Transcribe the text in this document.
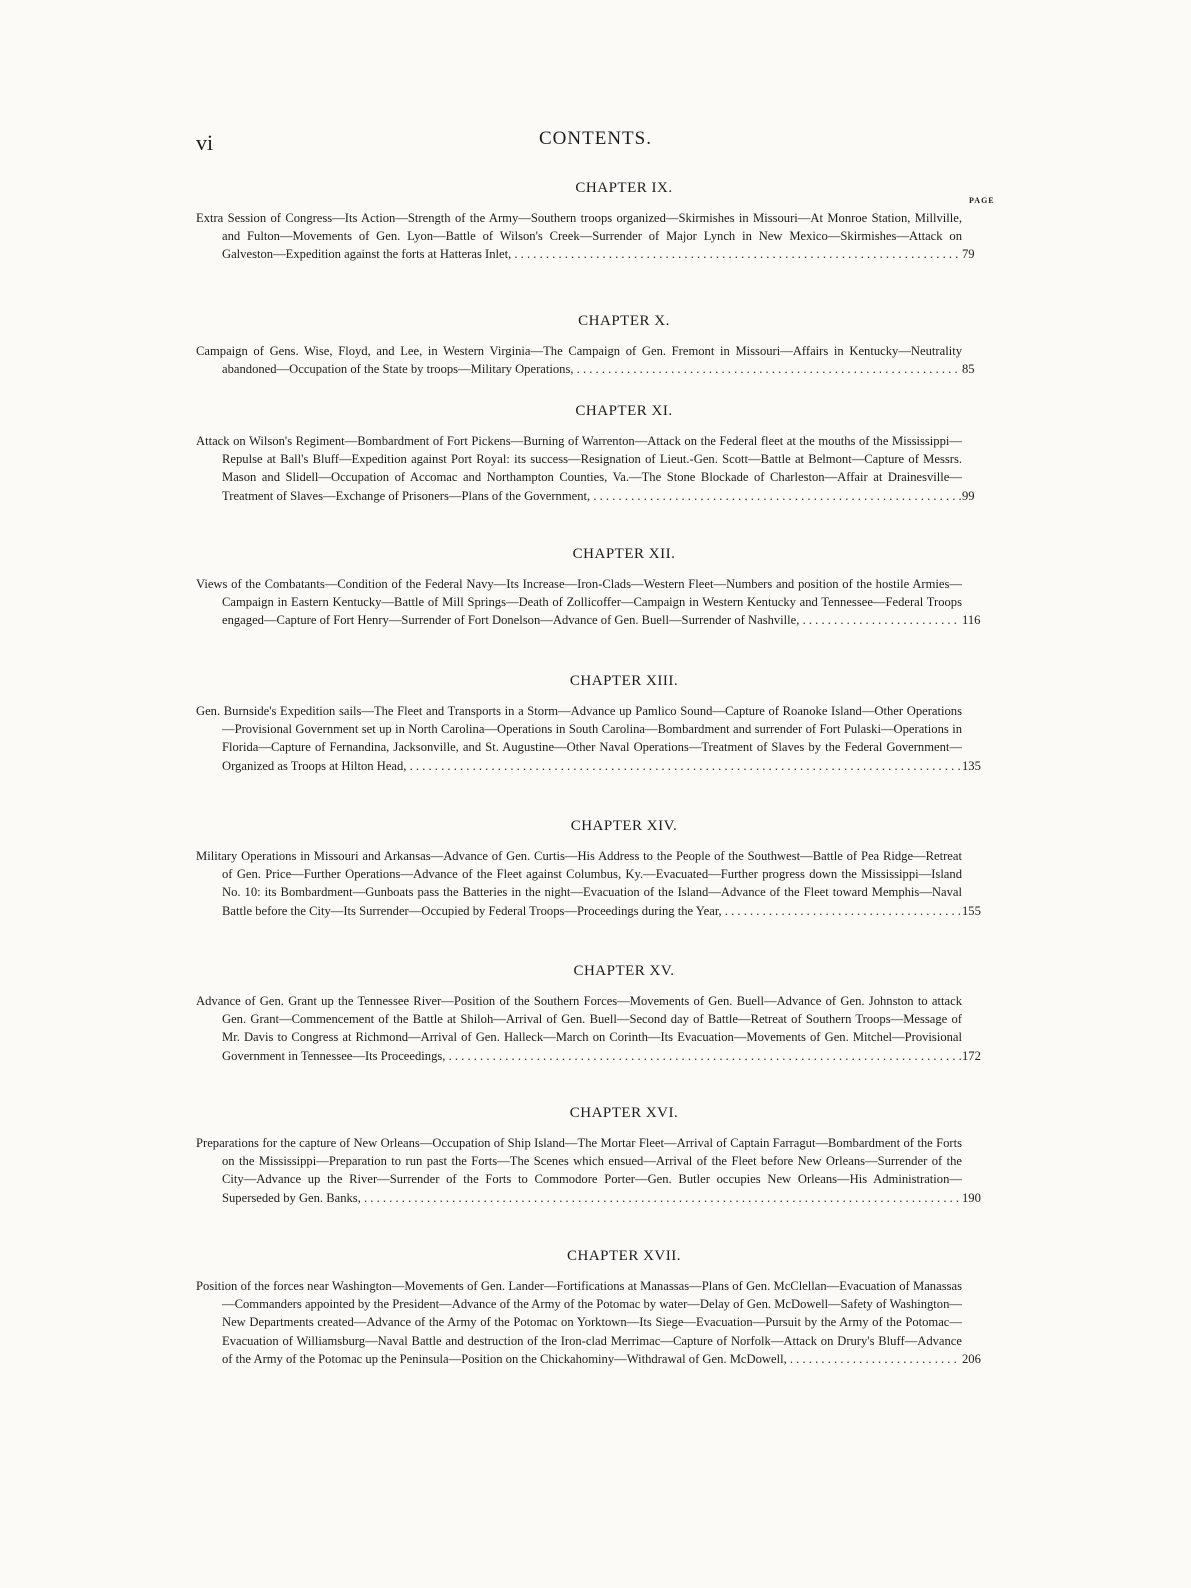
vi	CONTENTS.
PAGE
CHAPTER IX.

Extra Session of Congress—Its Action—Strength of the Army—Southern troops organized—Skirmishes in Missouri—At Monroe Station, Millville, and Fulton—Movements of Gen. Lyon—Battle of Wilson's Creek—Surrender of Major Lynch in New Mexico—Skirmishes—Attack on Galveston—Expedition against the forts at Hatteras Inlet, . . . . . . . . . . . . . . . . . . . . . . . . . . . . . . . . . . . . . . . . . . . . . . . . . . . . . . . . . . . . . . . . . . . . . . . 79

CHAPTER X.

Campaign of Gens. Wise, Floyd, and Lee, in Western Virginia—The Campaign of Gen. Fremont in Missouri—Affairs in Kentucky—Neutrality abandoned—Occupation of the State by troops—Military Operations, . . . . . . . . . . . . . . . . . . . . . . . . . . . . . . . . . . . . . . . . . . . . . . . . . . . . . . . . . . . . . 85

CHAPTER XI.

Attack on Wilson's Regiment—Bombardment of Fort Pickens—Burning of Warrenton—Attack on the Federal fleet at the mouths of the Mississippi—Repulse at Ball's Bluff—Expedition against Port Royal: its success—Resignation of Lieut.-Gen. Scott—Battle at Belmont—Capture of Messrs. Mason and Slidell—Occupation of Accomac and Northampton Counties, Va.—The Stone Blockade of Charleston—Affair at Drainesville—Treatment of Slaves—Exchange of Prisoners—Plans of the Government, . . . . . . . . . . . . . . . . . . . . . . . . . . . . . . . . . . . . . . . . . . . . . . . . . . . . . . . . . . . 99

CHAPTER XII.

Views of the Combatants—Condition of the Federal Navy—Its Increase—Iron-Clads—Western Fleet—Numbers and position of the hostile Armies—Campaign in Eastern Kentucky—Battle of Mill Springs—Death of Zollicoffer—Campaign in Western Kentucky and Tennessee—Federal Troops engaged—Capture of Fort Henry—Surrender of Fort Donelson—Advance of Gen. Buell—Surrender of Nashville, . . . . . . . . . . . . . . . . . . . . . . . . . 116

CHAPTER XIII.

Gen. Burnside's Expedition sails—The Fleet and Transports in a Storm—Advance up Pamlico Sound—Capture of Roanoke Island—Other Operations—Provisional Government set up in North Carolina—Operations in South Carolina—Bombardment and surrender of Fort Pulaski—Operations in Florida—Capture of Fernandina, Jacksonville, and St. Augustine—Other Naval Operations—Treatment of Slaves by the Federal Government—Organized as Troops at Hilton Head, . . . . . . . . . . . . . . . . . . . . . . . . . . . . . . . . . . . . . . . . . . . . . . . . . . . . . . . . . . . . . . . . . . . . . . . . . . . . . . . . . . . . . . . . 135

CHAPTER XIV.

Military Operations in Missouri and Arkansas—Advance of Gen. Curtis—His Address to the People of the Southwest—Battle of Pea Ridge—Retreat of Gen. Price—Further Operations—Advance of the Fleet against Columbus, Ky.—Evacuated—Further progress down the Mississippi—Island No. 10: its Bombardment—Gunboats pass the Batteries in the night—Evacuation of the Island—Advance of the Fleet toward Memphis—Naval Battle before the City—Its Surrender—Occupied by Federal Troops—Proceedings during the Year, . . . . . . . . . . . . . . . . . . . . . . . . . . . . . . . . . . . . . . 155

CHAPTER XV.

Advance of Gen. Grant up the Tennessee River—Position of the Southern Forces—Movements of Gen. Buell—Advance of Gen. Johnston to attack Gen. Grant—Commencement of the Battle at Shiloh—Arrival of Gen. Buell—Second day of Battle—Retreat of Southern Troops—Message of Mr. Davis to Congress at Richmond—Arrival of Gen. Halleck—March on Corinth—Its Evacuation—Movements of Gen. Mitchel—Provisional Government in Tennessee—Its Proceedings, . . . . . . . . . . . . . . . . . . . . . . . . . . . . . . . . . . . . . . . . . . . . . . . . . . . . . . . . . . . . . . . . . . . . . . . . . . . . . . . . . . 172

CHAPTER XVI.

Preparations for the capture of New Orleans—Occupation of Ship Island—The Mortar Fleet—Arrival of Captain Farragut—Bombardment of the Forts on the Mississippi—Preparation to run past the Forts—The Scenes which ensued—Arrival of the Fleet before New Orleans—Surrender of the City—Advance up the River—Surrender of the Forts to Commodore Porter—Gen. Butler occupies New Orleans—His Administration—Superseded by Gen. Banks, . . . . . . . . . . . . . . . . . . . . . . . . . . . . . . . . . . . . . . . . . . . . . . . . . . . . . . . . . . . . . . . . . . . . . . . . . . . . . . . . . . . . . . . . . . . . . . . 190

CHAPTER XVII.

Position of the forces near Washington—Movements of Gen. Lander—Fortifications at Manassas—Plans of Gen. McClellan—Evacuation of Manassas—Commanders appointed by the President—Advance of the Army of the Potomac by water—Delay of Gen. McDowell—Safety of Washington—New Departments created—Advance of the Army of the Potomac on Yorktown—Its Siege—Evacuation—Pursuit by the Army of the Potomac—Evacuation of Williamsburg—Naval Battle and destruction of the Iron-clad Merrimac—Capture of Norfolk—Attack on Drury's Bluff—Advance of the Army of the Potomac up the Peninsula—Position on the Chickahominy—Withdrawal of Gen. McDowell, . . . . . . . . . . . . . . . . . . . . . . . . . . . 206
